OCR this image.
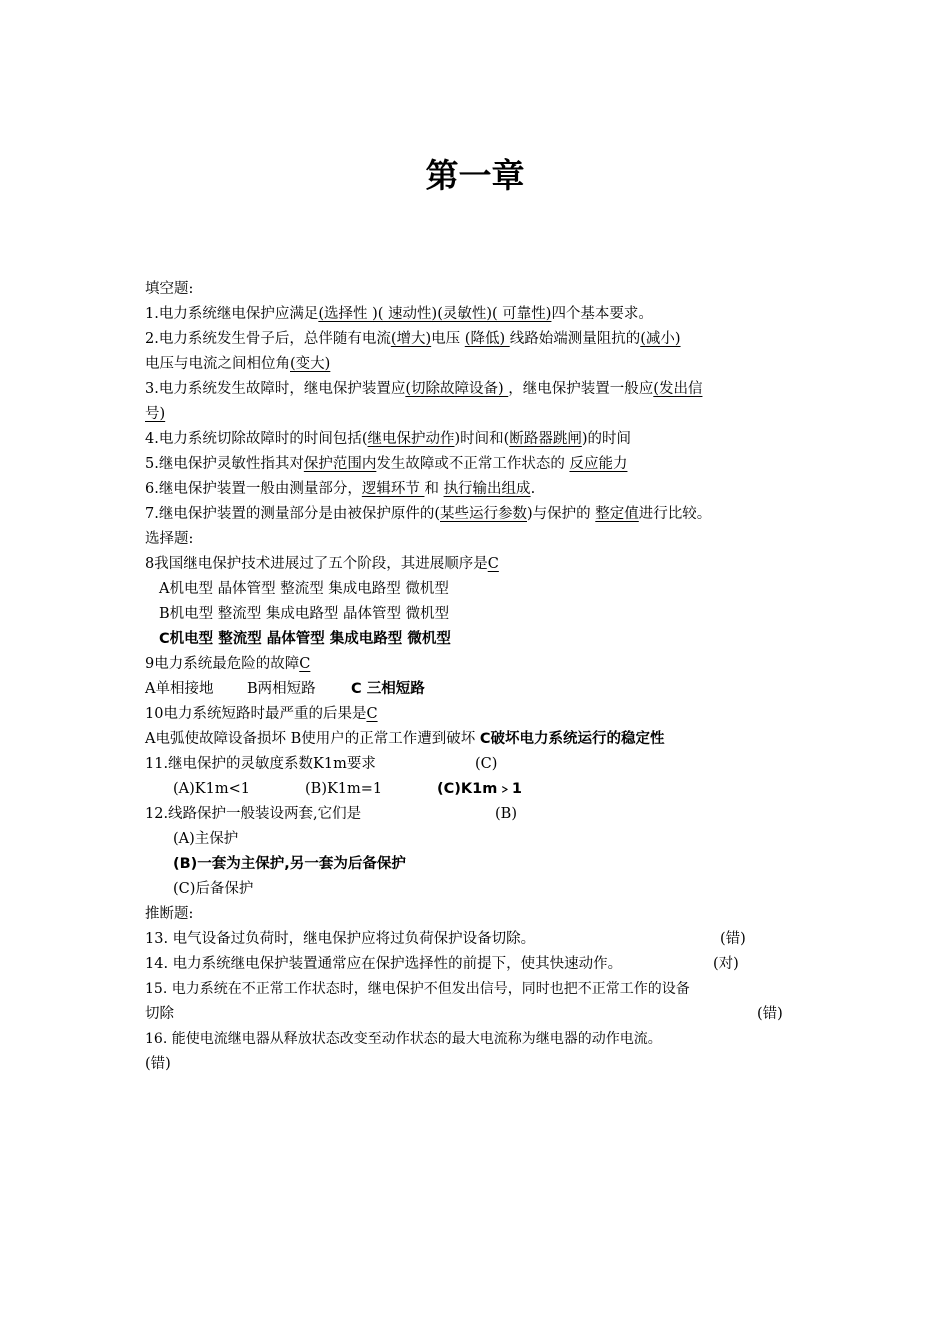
第一章
填空题:
1.电力系统继电保护应满足(选择性 )( 速动性)(灵敏性)( 可靠性)四个基本要求。
2.电力系统发生骨子后，总伴随有电流(增大)电压 (降低) 线路始端测量阻抗的(减小)
电压与电流之间相位角(变大)
3.电力系统发生故障时，继电保护装置应(切除故障设备) ，继电保护装置一般应(发出信
号)
4.电力系统切除故障时的时间包括(继电保护动作)时间和(断路器跳闸)的时间
5.继电保护灵敏性指其对保护范围内发生故障或不正常工作状态的 反应能力
6.继电保护装置一般由测量部分，逻辑环节 和 执行输出组成.
7.继电保护装置的测量部分是由被保护原件的(某些运行参数)与保护的 整定值进行比较。
选择题:
8我国继电保护技术进展过了五个阶段，其进展顺序是C
A机电型 晶体管型 整流型 集成电路型 微机型
B机电型 整流型 集成电路型 晶体管型 微机型
C机电型 整流型 晶体管型 集成电路型 微机型
9电力系统最危险的故障C
A单相接地 B两相短路 C 三相短路
10电力系统短路时最严重的后果是C
A电弧使故障设备损坏 B使用户的正常工作遭到破坏 C破坏电力系统运行的稳定性
11.继电保护的灵敏度系数K1m要求	(C)
(A)K1m<1	(B)K1m=1	(C)K1m﹥1
12.线路保护一般装设两套,它们是	(B)
(A)主保护
(B)一套为主保护,另一套为后备保护
(C)后备保护
推断题:
13. 电气设备过负荷时，继电保护应将过负荷保护设备切除。	(错)
14. 电力系统继电保护装置通常应在保护选择性的前提下，使其快速动作。	(对)
15. 电力系统在不正常工作状态时，继电保护不但发出信号，同时也把不正常工作的设备
切除	(错)
16. 能使电流继电器从释放状态改变至动作状态的最大电流称为继电器的动作电流。
(错)
